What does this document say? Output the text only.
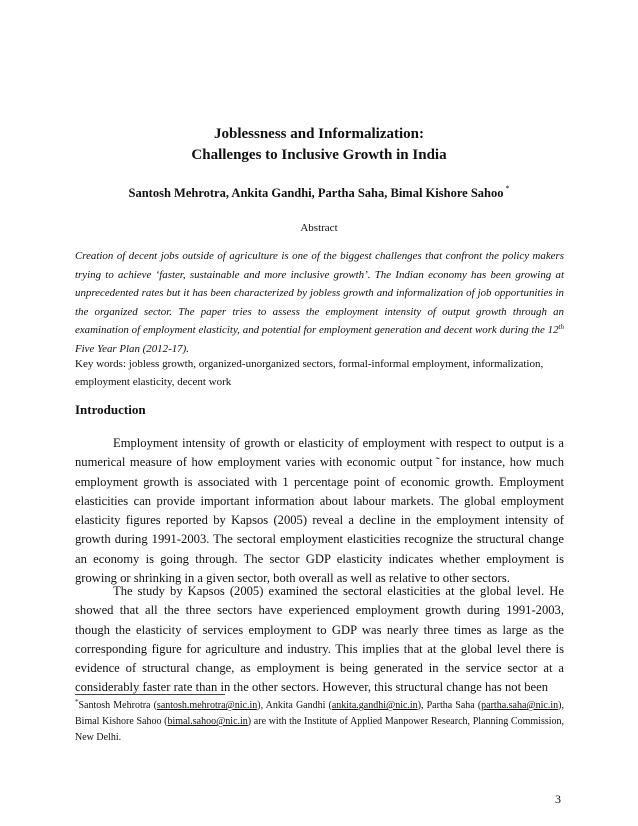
Joblessness and Informalization:
Challenges to Inclusive Growth in India
Santosh Mehrotra, Ankita Gandhi, Partha Saha, Bimal Kishore Sahoo *
Abstract
Creation of decent jobs outside of agriculture is one of the biggest challenges that confront the policy makers trying to achieve ‘faster, sustainable and more inclusive growth’. The Indian economy has been growing at unprecedented rates but it has been characterized by jobless growth and informalization of job opportunities in the organized sector. The paper tries to assess the employment intensity of output growth through an examination of employment elasticity, and potential for employment generation and decent work during the 12th Five Year Plan (2012-17).
Key words: jobless growth, organized-unorganized sectors, formal-informal employment, informalization, employment elasticity, decent work
Introduction
Employment intensity of growth or elasticity of employment with respect to output is a numerical measure of how employment varies with economic output ̃ for instance, how much employment growth is associated with 1 percentage point of economic growth. Employment elasticities can provide important information about labour markets. The global employment elasticity figures reported by Kapsos (2005) reveal a decline in the employment intensity of growth during 1991-2003. The sectoral employment elasticities recognize the structural change an economy is going through. The sector GDP elasticity indicates whether employment is growing or shrinking in a given sector, both overall as well as relative to other sectors.
The study by Kapsos (2005) examined the sectoral elasticities at the global level. He showed that all the three sectors have experienced employment growth during 1991-2003, though the elasticity of services employment to GDP was nearly three times as large as the corresponding figure for agriculture and industry. This implies that at the global level there is evidence of structural change, as employment is being generated in the service sector at a considerably faster rate than in the other sectors. However, this structural change has not been
*Santosh Mehrotra (santosh.mehrotra@nic.in), Ankita Gandhi (ankita.gandhi@nic.in), Partha Saha (partha.saha@nic.in), Bimal Kishore Sahoo (bimal.sahoo@nic.in) are with the Institute of Applied Manpower Research, Planning Commission, New Delhi.
3
